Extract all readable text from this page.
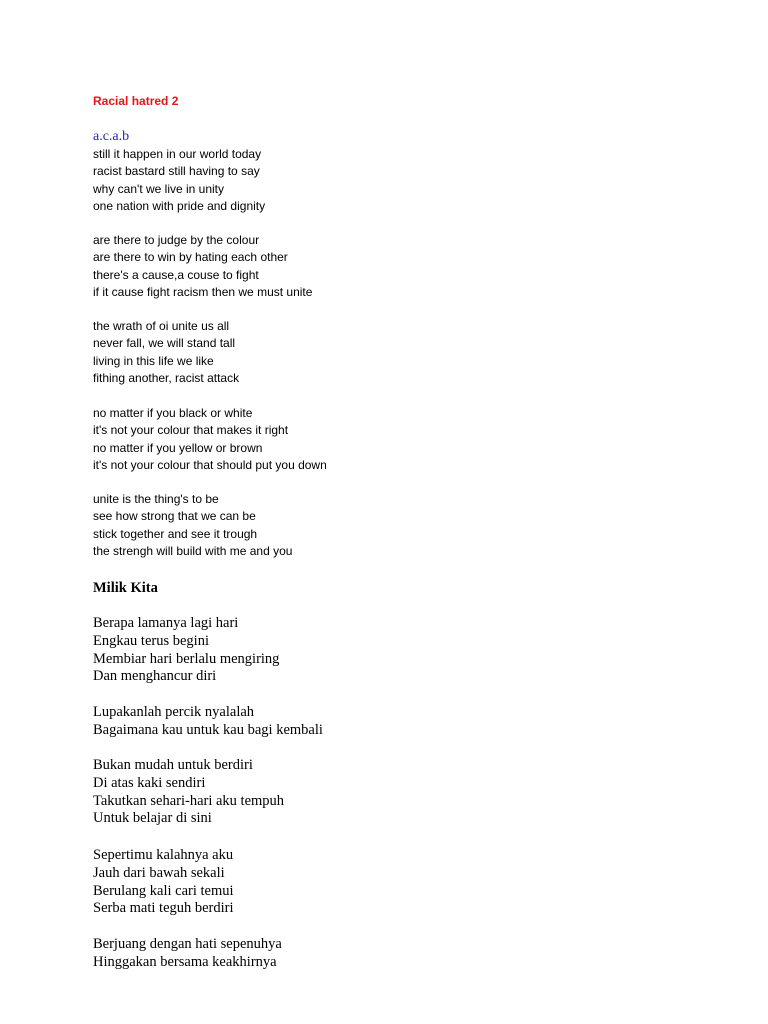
Racial hatred 2
a.c.a.b
still it happen in our world today
racist bastard still having to say
why can't we live in unity
one nation with pride and dignity
are there to judge by the colour
are there to win by hating each other
there's a cause,a couse to fight
if it cause fight racism then we must unite
the wrath of oi unite us all
never fall, we will stand tall
living in this life we like
fithing another, racist attack
no matter if you black or white
it's not your colour that makes it right
no matter if you yellow or brown
it's not your colour that should put you down
unite is the thing's to be
see how strong that we can be
stick together and see it trough
the strengh will build with me and you
Milik Kita
Berapa lamanya lagi hari
Engkau terus begini
Membiar hari berlalu mengiring
Dan menghancur diri
Lupakanlah percik nyalalah
Bagaimana kau untuk kau bagi kembali
Bukan mudah untuk berdiri
Di atas kaki sendiri
Takutkan sehari-hari aku tempuh
Untuk belajar di sini
Sepertimu kalahnya aku
Jauh dari bawah sekali
Berulang kali cari temui
Serba mati teguh berdiri
Berjuang dengan hati sepenuhya
Hinggakan bersama keakhirnya
